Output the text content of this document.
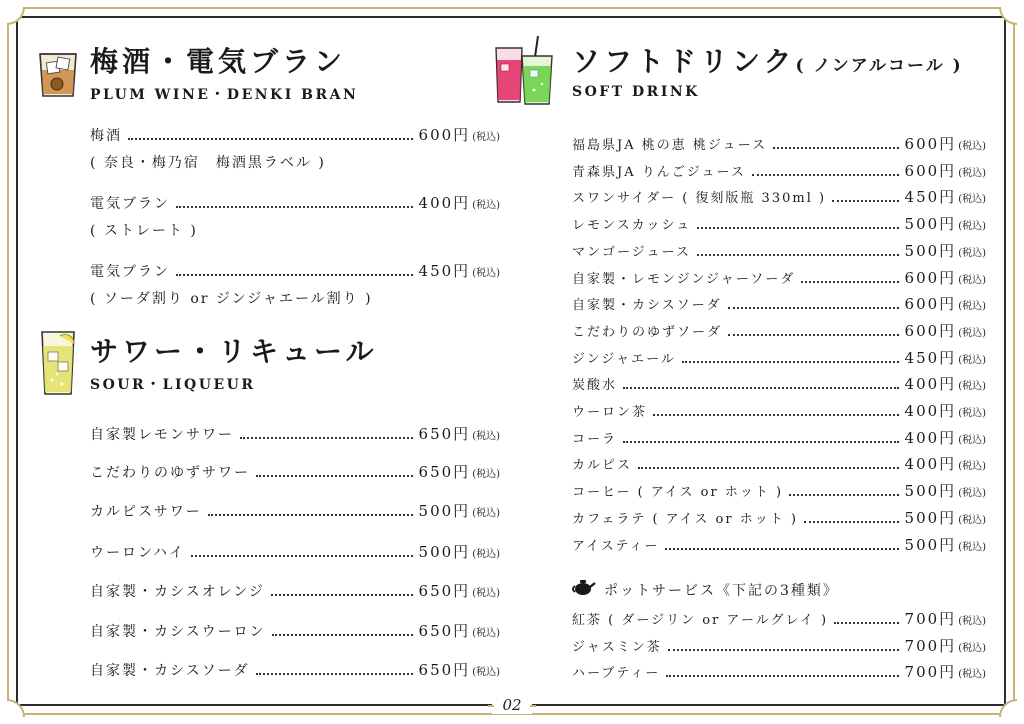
02
梅酒・電気ブラン
PLUM WINE・DENKI BRAN
梅酒	600円 (税込)
( 奈良・梅乃宿　梅酒黒ラベル )
電気ブラン	400円 (税込)
( ストレート )
電気ブラン	450円 (税込)
( ソーダ割り or ジンジャエール割り )
サワー・リキュール
SOUR・LIQUEUR
自家製レモンサワー	650円 (税込)
こだわりのゆずサワー	650円 (税込)
カルピスサワー	500円 (税込)
ウーロンハイ	500円 (税込)
自家製・カシスオレンジ	650円 (税込)
自家製・カシスウーロン	650円 (税込)
自家製・カシスソーダ	650円 (税込)
ソフトドリンク( ノンアルコール )
SOFT DRINK
福島県JA 桃の恵 桃ジュース	600円 (税込)
青森県JA りんごジュース	600円 (税込)
スワンサイダー ( 復刻版瓶 330ml )	450円 (税込)
レモンスカッシュ	500円 (税込)
マンゴージュース	500円 (税込)
自家製・レモンジンジャーソーダ	600円 (税込)
自家製・カシスソーダ	600円 (税込)
こだわりのゆずソーダ	600円 (税込)
ジンジャエール	450円 (税込)
炭酸水	400円 (税込)
ウーロン茶	400円 (税込)
コーラ	400円 (税込)
カルピス	400円 (税込)
コーヒー ( アイス or ホット )	500円 (税込)
カフェラテ ( アイス or ホット )	500円 (税込)
アイスティー	500円 (税込)
ポットサービス《下記の3種類》
紅茶 ( ダージリン or アールグレイ )	700円 (税込)
ジャスミン茶	700円 (税込)
ハーブティー	700円 (税込)
